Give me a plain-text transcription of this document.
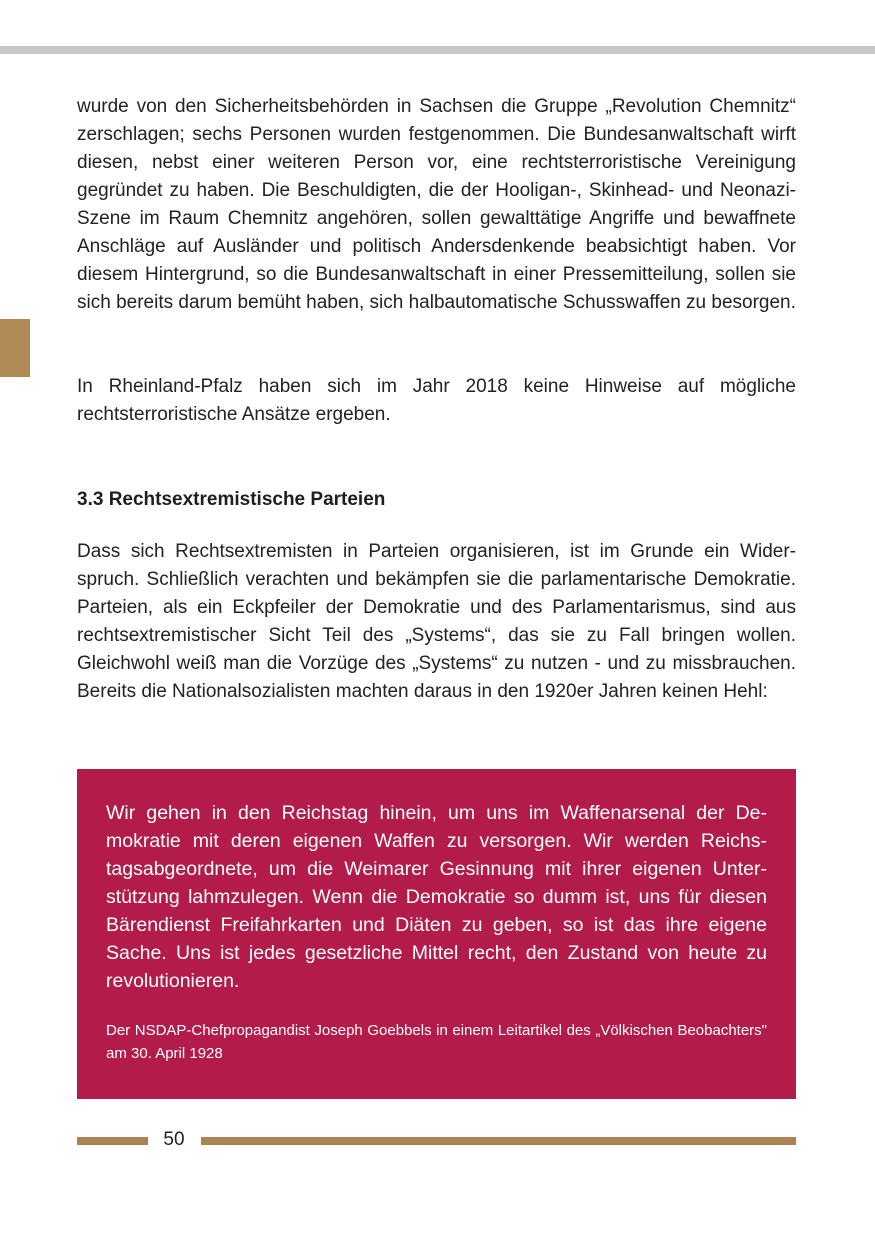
wurde von den Sicherheitsbehörden in Sachsen die Gruppe „Revolution Chemnitz“ zerschlagen; sechs Personen wurden festgenommen. Die Bundesanwaltschaft wirft diesen, nebst einer weiteren Person vor, eine rechtsterroristische Vereinigung gegründet zu haben. Die Beschuldigten, die der Hooligan-, Skinhead- und Neonazi-Szene im Raum Chemnitz angehören, sollen gewalttätige Angriffe und bewaffnete Anschläge auf Ausländer und politisch Andersdenkende beabsichtigt haben. Vor diesem Hintergrund, so die Bundesanwaltschaft in einer Pressemitteilung, sollen sie sich bereits darum bemüht haben, sich halbautomatische Schusswaffen zu besorgen.

In Rheinland-Pfalz haben sich im Jahr 2018 keine Hinweise auf mögliche rechtsterroristische Ansätze ergeben.

3.3 Rechtsextremistische Parteien

Dass sich Rechtsextremisten in Parteien organisieren, ist im Grunde ein Widerspruch. Schließlich verachten und bekämpfen sie die parlamentarische Demokratie. Parteien, als ein Eckpfeiler der Demokratie und des Parlamentarismus, sind aus rechtsextremistischer Sicht Teil des „Systems“, das sie zu Fall bringen wollen. Gleichwohl weiß man die Vorzüge des „Systems“ zu nutzen - und zu missbrauchen. Bereits die Nationalsozialisten machten daraus in den 1920er Jahren keinen Hehl:

Wir gehen in den Reichstag hinein, um uns im Waffenarsenal der Demokratie mit deren eigenen Waffen zu versorgen. Wir werden Reichstagsabgeordnete, um die Weimarer Gesinnung mit ihrer eigenen Unterstützung lahmzulegen. Wenn die Demokratie so dumm ist, uns für diesen Bärendienst Freifahrkarten und Diäten zu geben, so ist das ihre eigene Sache. Uns ist jedes gesetzliche Mittel recht, den Zustand von heute zu revolutionieren.

Der NSDAP-Chefpropagandist Joseph Goebbels in einem Leitartikel des „Völkischen Beobachters" am 30. April 1928

50
